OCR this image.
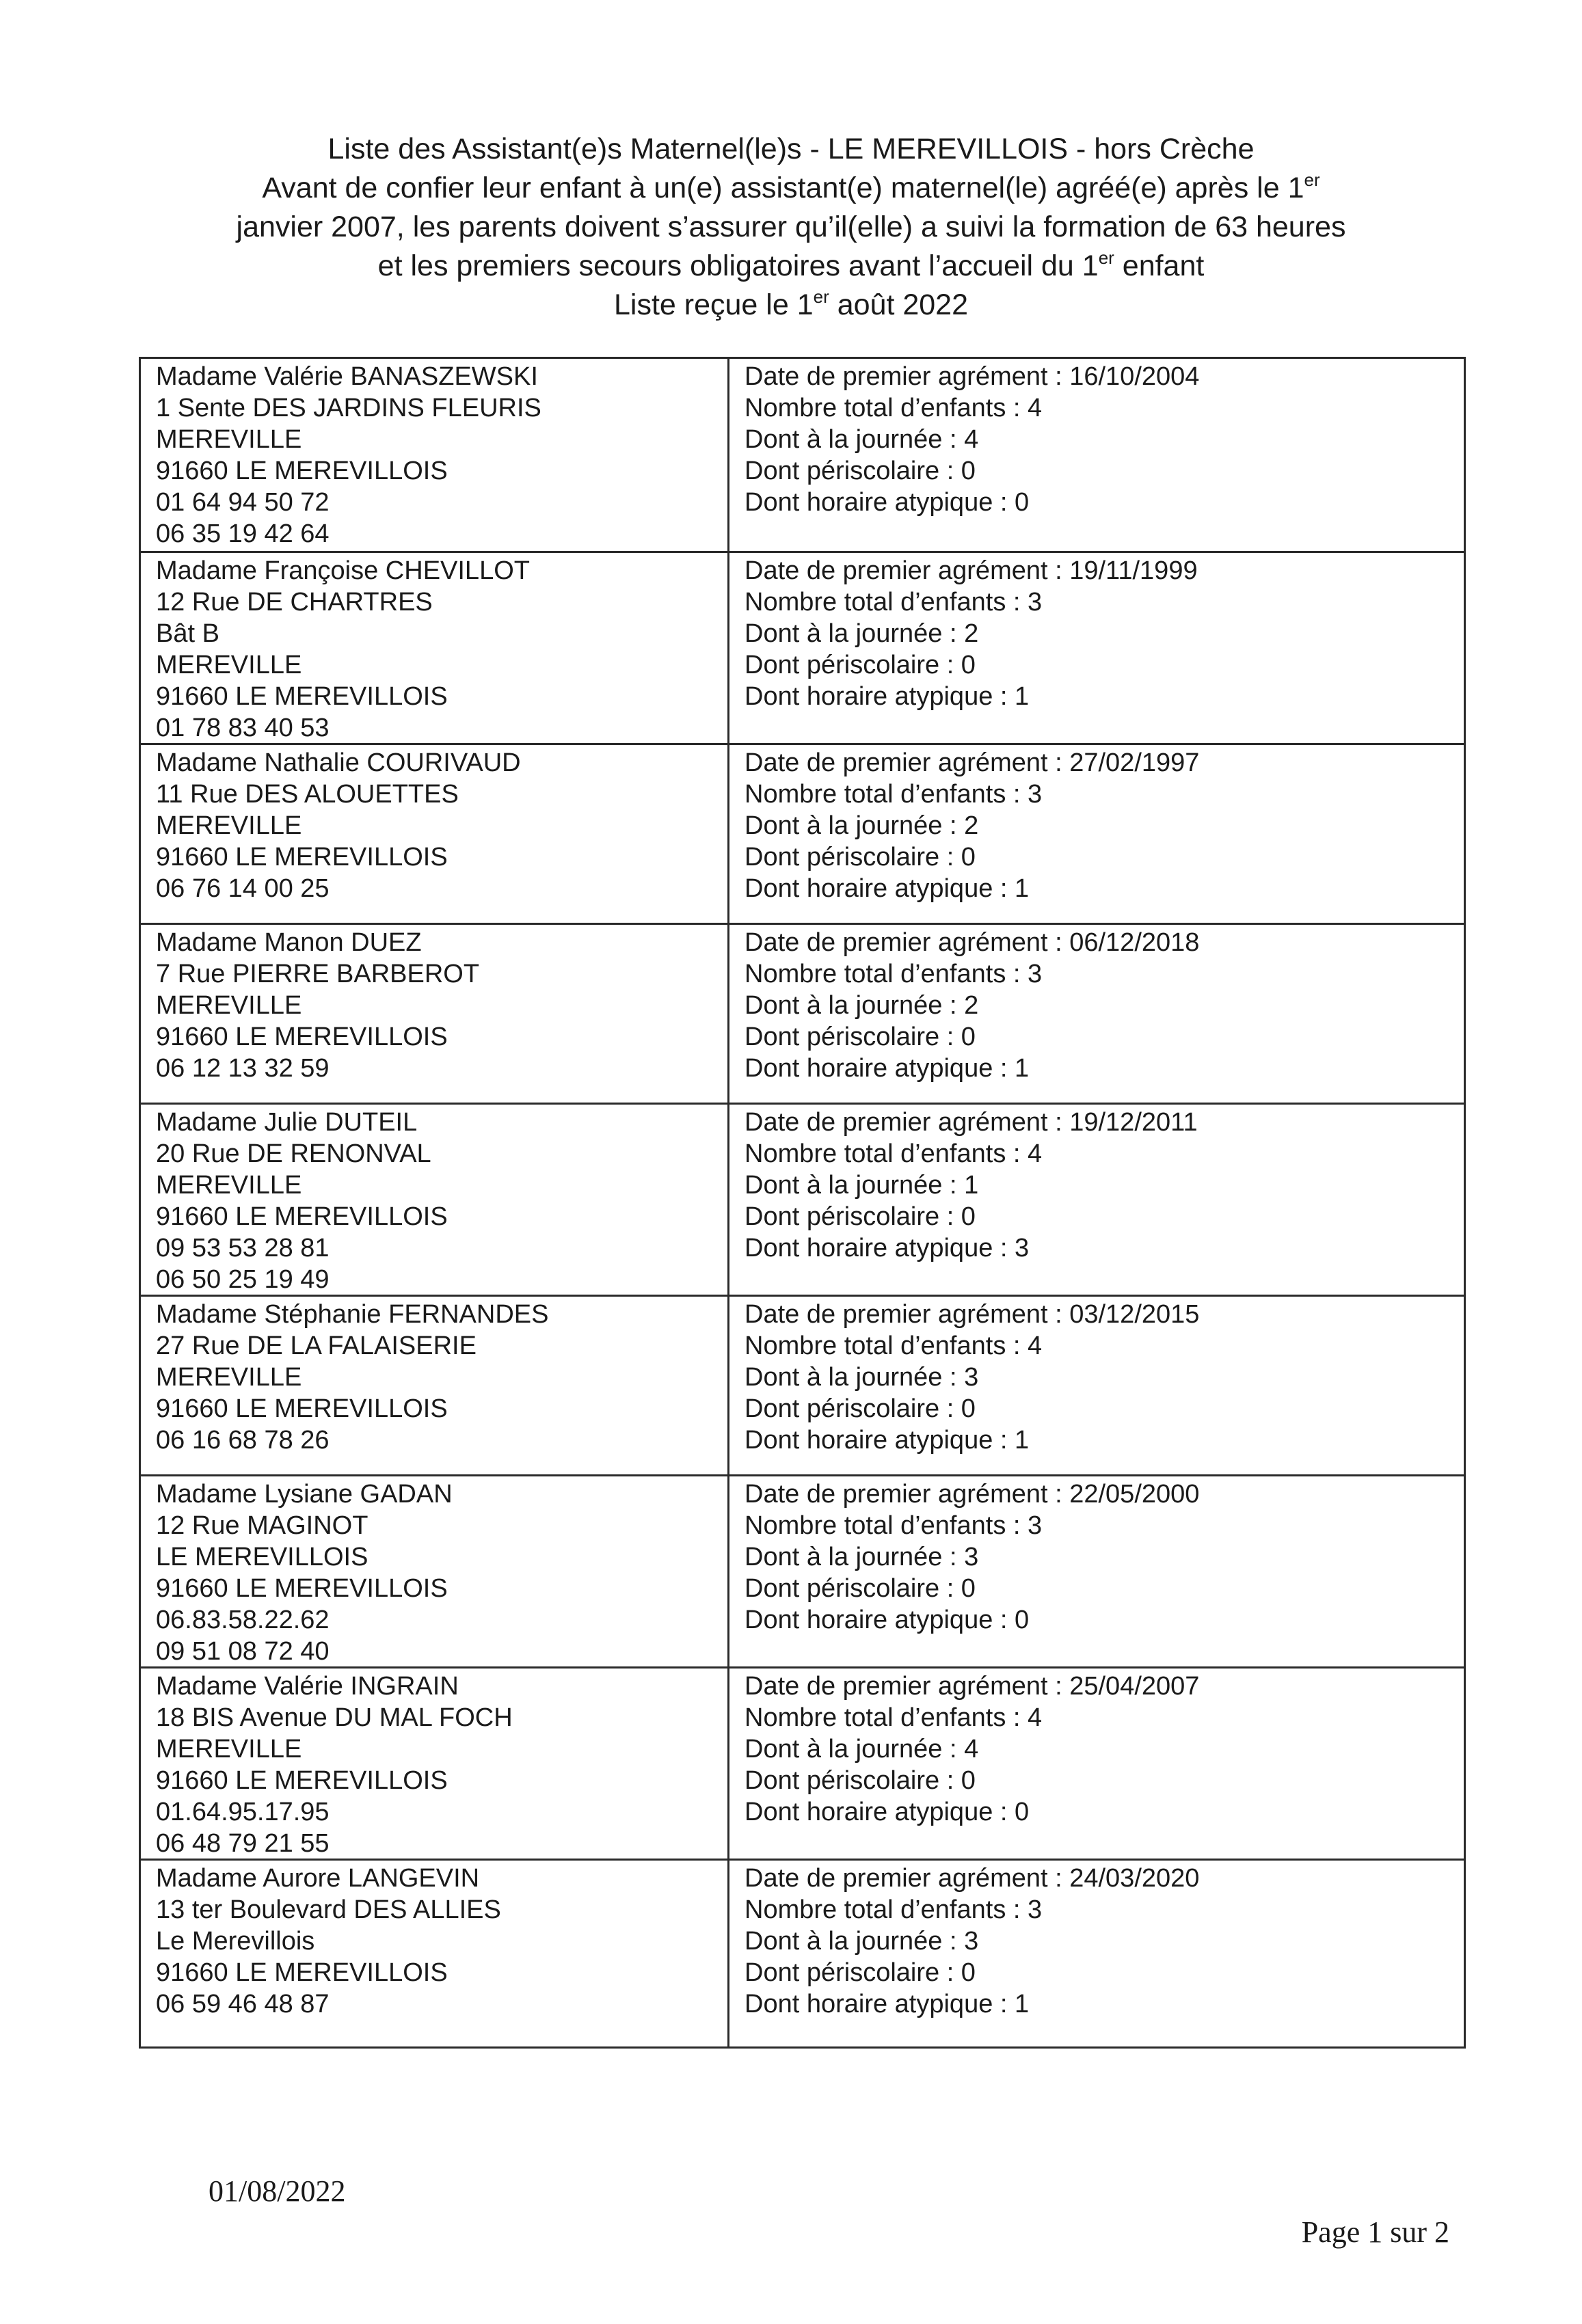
Liste des Assistant(e)s Maternel(le)s - LE MEREVILLOIS - hors Crèche
Avant de confier leur enfant à un(e) assistant(e) maternel(le) agréé(e) après le 1er
janvier 2007, les parents doivent s’assurer qu’il(elle) a suivi la formation de 63 heures
et les premiers secours obligatoires avant l’accueil du 1er enfant
Liste reçue le 1er août 2022
Madame Valérie BANASZEWSKI
1 Sente DES JARDINS FLEURIS
MEREVILLE
91660 LE MEREVILLOIS
01 64 94 50 72
06 35 19 42 64
Date de premier agrément : 16/10/2004
Nombre total d’enfants : 4
Dont à la journée : 4
Dont périscolaire : 0
Dont horaire atypique : 0
Madame Françoise CHEVILLOT
12 Rue DE CHARTRES
Bât B
MEREVILLE
91660 LE MEREVILLOIS
01 78 83 40 53
Date de premier agrément : 19/11/1999
Nombre total d’enfants : 3
Dont à la journée : 2
Dont périscolaire : 0
Dont horaire atypique : 1
Madame Nathalie COURIVAUD
11 Rue DES ALOUETTES
MEREVILLE
91660 LE MEREVILLOIS
06 76 14 00 25
Date de premier agrément : 27/02/1997
Nombre total d’enfants : 3
Dont à la journée : 2
Dont périscolaire : 0
Dont horaire atypique : 1
Madame Manon DUEZ
7 Rue PIERRE BARBEROT
MEREVILLE
91660 LE MEREVILLOIS
06 12 13 32 59
Date de premier agrément : 06/12/2018
Nombre total d’enfants : 3
Dont à la journée : 2
Dont périscolaire : 0
Dont horaire atypique : 1
Madame Julie DUTEIL
20 Rue DE RENONVAL
MEREVILLE
91660 LE MEREVILLOIS
09 53 53 28 81
06 50 25 19 49
Date de premier agrément : 19/12/2011
Nombre total d’enfants : 4
Dont à la journée : 1
Dont périscolaire : 0
Dont horaire atypique : 3
Madame Stéphanie FERNANDES
27 Rue DE LA FALAISERIE
MEREVILLE
91660 LE MEREVILLOIS
06 16 68 78 26
Date de premier agrément : 03/12/2015
Nombre total d’enfants : 4
Dont à la journée : 3
Dont périscolaire : 0
Dont horaire atypique : 1
Madame Lysiane GADAN
12 Rue MAGINOT
LE MEREVILLOIS
91660 LE MEREVILLOIS
06.83.58.22.62
09 51 08 72 40
Date de premier agrément : 22/05/2000
Nombre total d’enfants : 3
Dont à la journée : 3
Dont périscolaire : 0
Dont horaire atypique : 0
Madame Valérie INGRAIN
18 BIS Avenue DU MAL FOCH
MEREVILLE
91660 LE MEREVILLOIS
01.64.95.17.95
06 48 79 21 55
Date de premier agrément : 25/04/2007
Nombre total d’enfants : 4
Dont à la journée : 4
Dont périscolaire : 0
Dont horaire atypique : 0
Madame Aurore LANGEVIN
13 ter Boulevard DES ALLIES
Le Merevillois
91660 LE MEREVILLOIS
06 59 46 48 87
Date de premier agrément : 24/03/2020
Nombre total d’enfants : 3
Dont à la journée : 3
Dont périscolaire : 0
Dont horaire atypique : 1
01/08/2022
Page 1 sur 2
